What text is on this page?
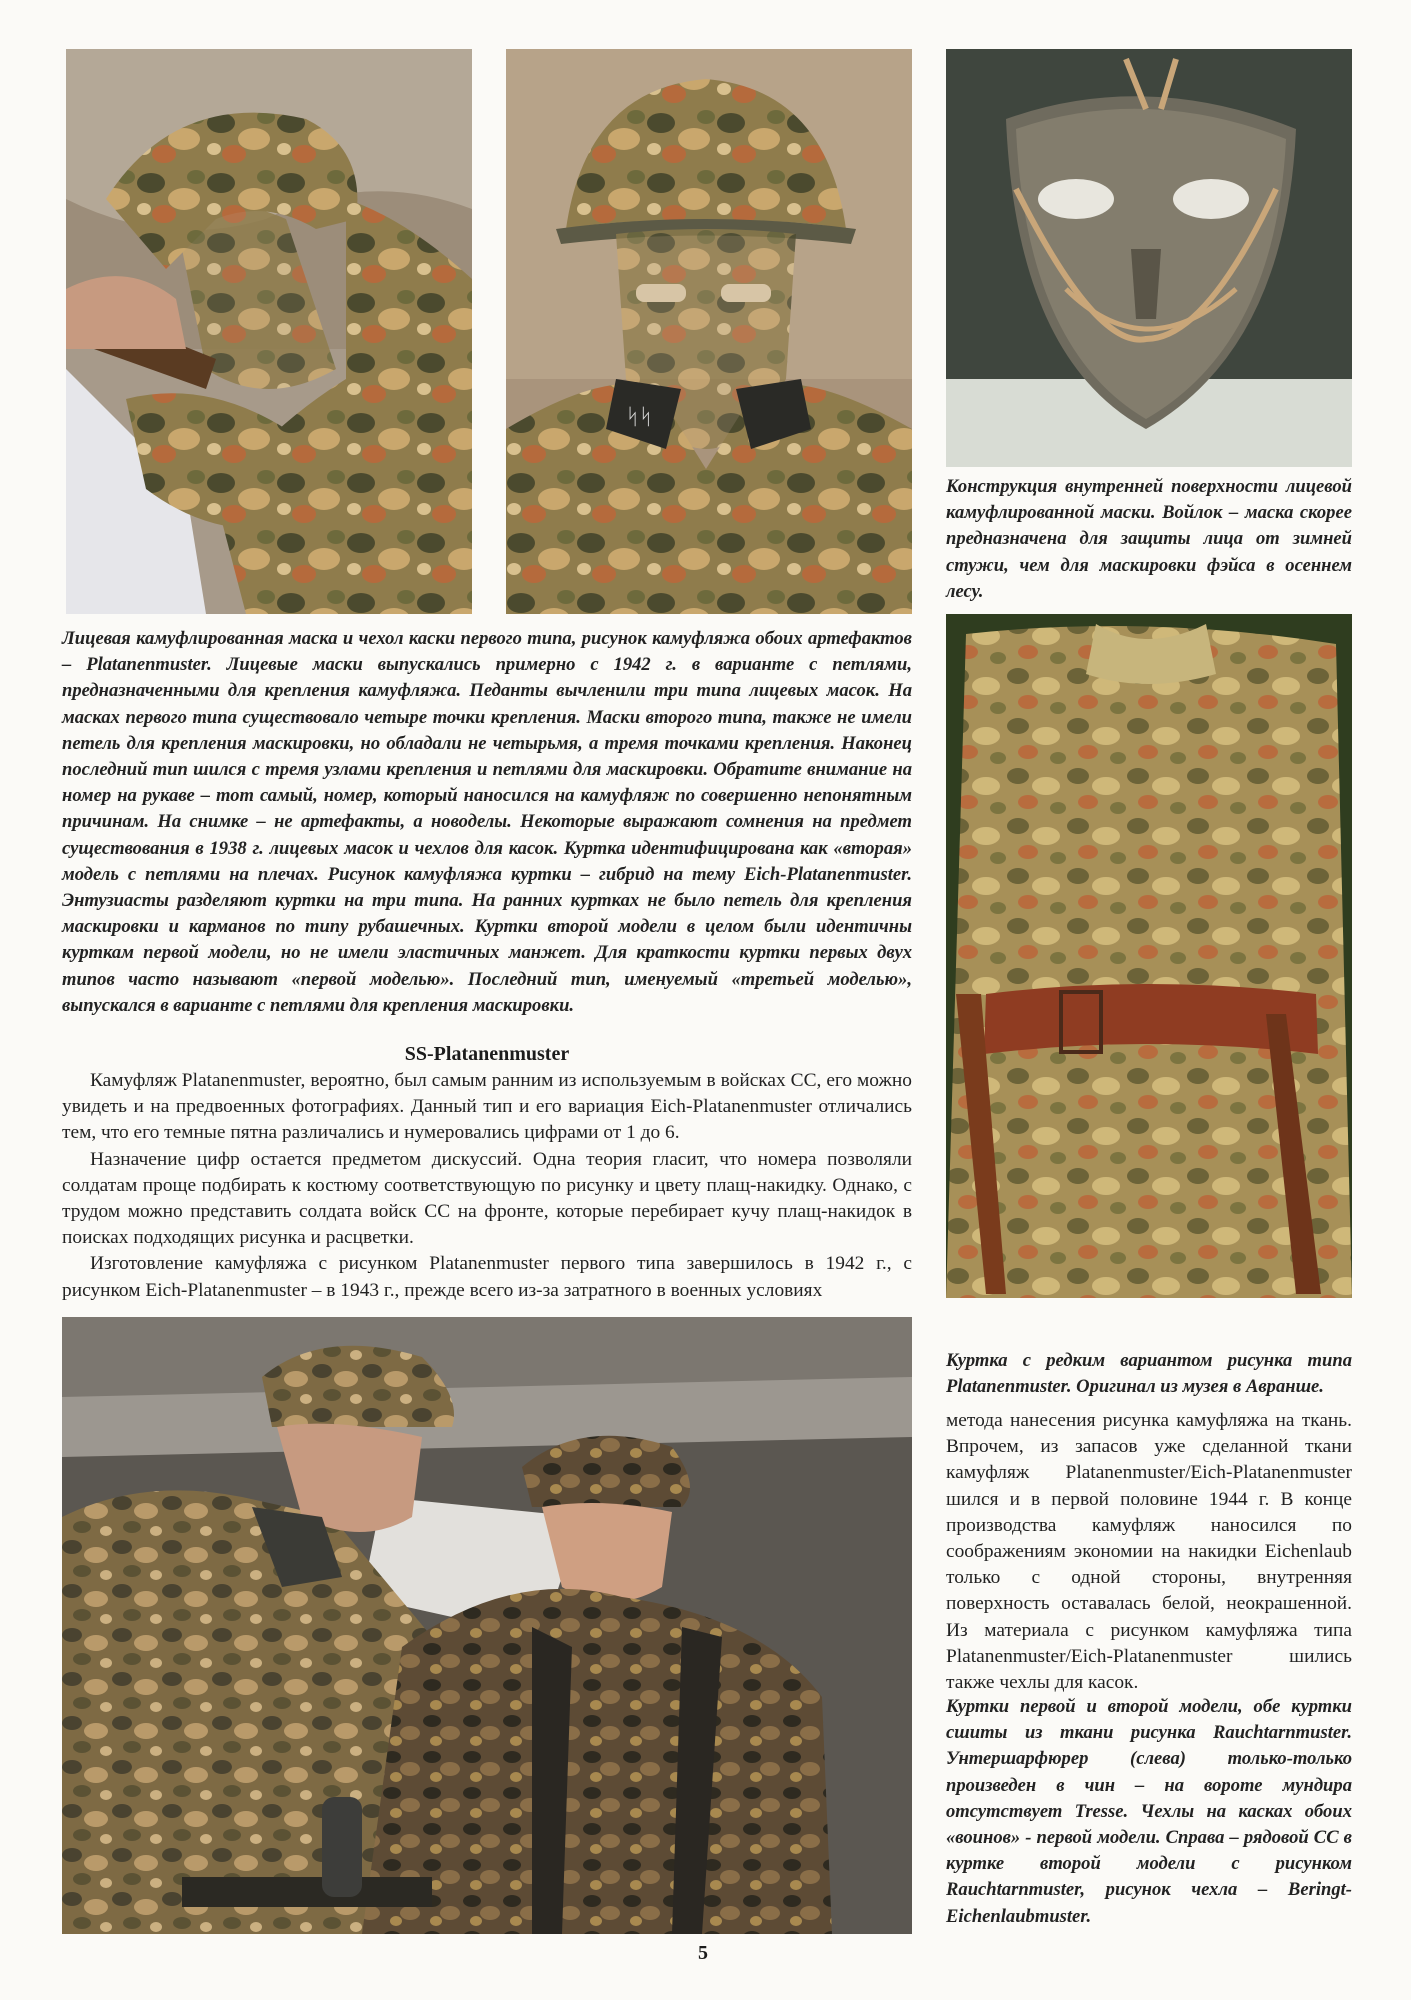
ᛋᛋ

Конструкция внутренней поверхности лицевой камуфлированной маски. Войлок – маска скорее предназначена для защиты лица от зимней стужи, чем для маскировки фэйса в осеннем лесу.

Куртка с редким вариантом рисунка типа Platanenmuster. Оригинал из музея в Авранше.

Лицевая камуфлированная маска и чехол каски первого типа, рисунок камуфляжа обоих артефактов – Platanenmuster. Лицевые маски выпускались примерно с 1942 г. в варианте с петлями, предназначенными для крепления камуфляжа. Педанты вычленили три типа лицевых масок. На масках первого типа существовало четыре точки крепления. Маски второго типа, также не имели петель для крепления маскировки, но обладали не четырьмя, а тремя точками крепления. Наконец последний тип шился с тремя узлами крепления и петлями для маскировки. Обратите внимание на номер на рукаве – тот самый, номер, который наносился на камуфляж по совершенно непонятным причинам. На снимке – не артефакты, а новоделы. Некоторые выражают сомнения на предмет существования в 1938 г. лицевых масок и чехлов для касок. Куртка идентифицирована как «вторая» модель с петлями на плечах. Рисунок камуфляжа куртки – гибрид на тему Eich-Platanenmuster. Энтузиасты разделяют куртки на три типа. На ранних куртках не было петель для крепления маскировки и карманов по типу рубашечных. Куртки второй модели в целом были идентичны курткам первой модели, но не имели эластичных манжет. Для краткости куртки первых двух типов часто называют «первой моделью». Последний тип, именуемый «третьей моделью», выпускался в варианте с петлями для крепления маскировки.

SS-Platanenmuster

Камуфляж Platanenmuster, вероятно, был самым ранним из используемым в войсках СС, его можно увидеть и на предвоенных фотографиях. Данный тип и его вариация Eich-Platanenmuster отличались тем, что его темные пятна различались и нумеровались цифрами от 1 до 6.

Назначение цифр остается предметом дискуссий. Одна теория гласит, что номера позволяли солдатам проще подбирать к костюму соответствующую по рисунку и цвету плащ-накидку. Однако, с трудом можно представить солдата войск СС на фронте, которые перебирает кучу плащ-накидок в поисках подходящих рисунка и расцветки.

Изготовление камуфляжа с рисунком Platanenmuster первого типа завершилось в 1942 г., с рисунком Eich-Platanenmuster – в 1943 г., прежде всего из-за затратного в военных условиях

метода нанесения рисунка камуфляжа на ткань. Впрочем, из запасов уже сделанной ткани камуфляж Platanenmuster/Eich-Platanenmuster шился и в первой половине 1944 г. В конце производства камуфляж наносился по соображениям экономии на накидки Eichenlaub только с одной стороны, внутренняя поверхность оставалась белой, неокрашенной. Из материала с рисунком камуфляжа типа Platanenmuster/Eich-Platanenmuster шились также чехлы для касок.

Куртки первой и второй модели, обе куртки сшиты из ткани рисунка Rauchtarnmuster. Унтершарфюрер (слева) только-только произведен в чин – на вороте мундира отсутствует Tresse. Чехлы на касках обоих «воинов» - первой модели. Справа – рядовой СС в куртке второй модели с рисунком Rauchtarnmuster, рисунок чехла – Beringt-Eichenlaubmuster.

5
